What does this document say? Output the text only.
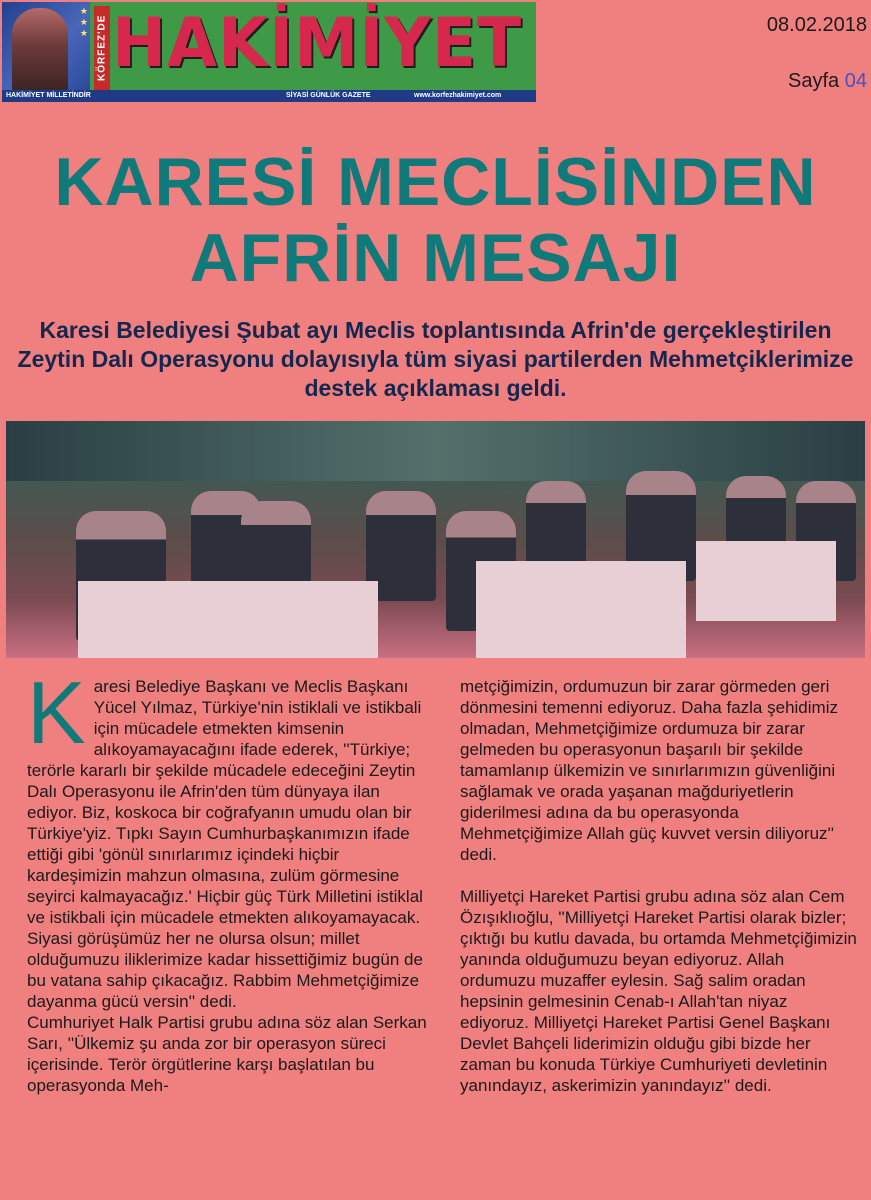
★
★
★ KÖRFEZ'DE HAKİMİYET
HAKİMİYET MİLLETİNDİR	SİYASİ GÜNLÜK GAZETE	www.korfezhakimiyet.com
08.02.2018
Sayfa 04
KARESİ MECLİSİNDEN
AFRİN MESAJI
Karesi Belediyesi Şubat ayı Meclis toplantısında Afrin'de gerçekleştirilen Zeytin Dalı Operasyonu dolayısıyla tüm siyasi partilerden Mehmetçiklerimize destek açıklaması geldi.
K aresi Belediye Başkanı ve Meclis Başkanı Yücel Yılmaz, Türkiye'nin istiklali ve istikbali için mücadele etmekten kimsenin alıkoyamayacağını ifade ederek, ''Türkiye; terörle kararlı bir şekilde mücadele edeceğini Zeytin Dalı Operasyonu ile Afrin'den tüm dünyaya ilan ediyor. Biz, koskoca bir coğrafyanın umudu olan bir Türkiye'yiz. Tıpkı Sayın Cumhurbaşkanımızın ifade ettiği gibi 'gönül sınırlarımız içindeki hiçbir kardeşimizin mahzun olmasına, zulüm görmesine seyirci kalmayacağız.' Hiçbir güç Türk Milletini istiklal ve istikbali için mücadele etmekten alıkoyamayacak. Siyasi görüşümüz her ne olursa olsun; millet olduğumuzu iliklerimize kadar hissettiğimiz bugün de bu vatana sahip çıkacağız. Rabbim Mehmetçiğimize dayanma gücü versin'' dedi.

Cumhuriyet Halk Partisi grubu adına söz alan Serkan Sarı, ''Ülkemiz şu anda zor bir operasyon süreci içerisinde. Terör örgütlerine karşı başlatılan bu operasyonda Meh-

metçiğimizin, ordumuzun bir zarar görmeden geri dönmesini temenni ediyoruz. Daha fazla şehidimiz olmadan, Mehmetçiğimize ordumuza bir zarar gelmeden bu operasyonun başarılı bir şekilde tamamlanıp ülkemizin ve sınırlarımızın güvenliğini sağlamak ve orada yaşanan mağduriyetlerin giderilmesi adına da bu operasyonda Mehmetçiğimize Allah güç kuvvet versin diliyoruz'' dedi.

Milliyetçi Hareket Partisi grubu adına söz alan Cem Özışıklıoğlu, ''Milliyetçi Hareket Partisi olarak bizler; çıktığı bu kutlu davada, bu ortamda Mehmetçiğimizin yanında olduğumuzu beyan ediyoruz. Allah ordumuzu muzaffer eylesin. Sağ salim oradan hepsinin gelmesinin Cenab-ı Allah'tan niyaz ediyoruz. Milliyetçi Hareket Partisi Genel Başkanı Devlet Bahçeli liderimizin olduğu gibi bizde her zaman bu konuda Türkiye Cumhuriyeti devletinin yanındayız, askerimizin yanındayız'' dedi.
